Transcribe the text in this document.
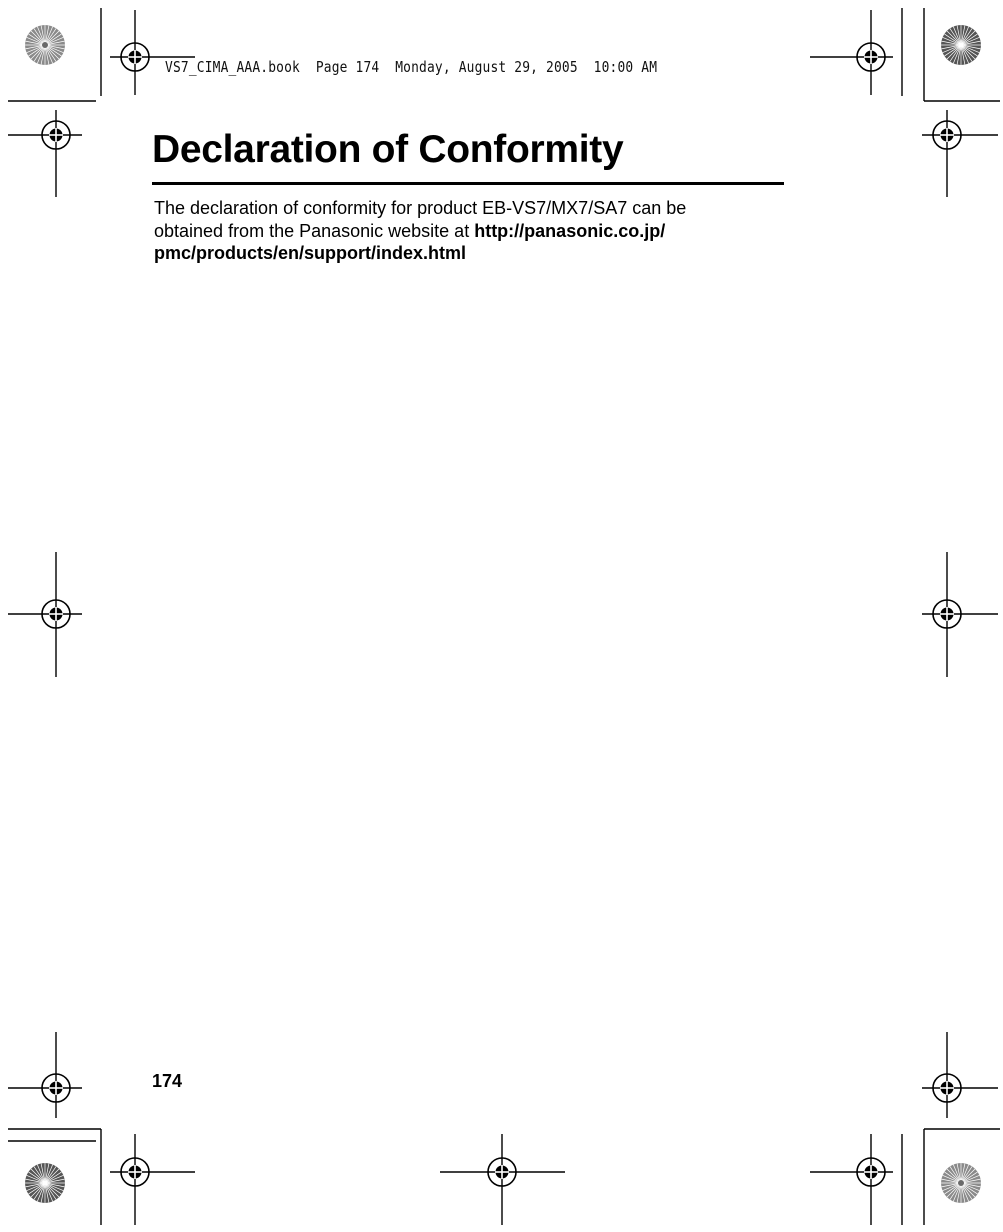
VS7_CIMA_AAA.book  Page 174  Monday, August 29, 2005  10:00 AM
Declaration of Conformity

The declaration of conformity for product EB-VS7/MX7/SA7 can be
obtained from the Panasonic website at http://panasonic.co.jp/
pmc/products/en/support/index.html

174
